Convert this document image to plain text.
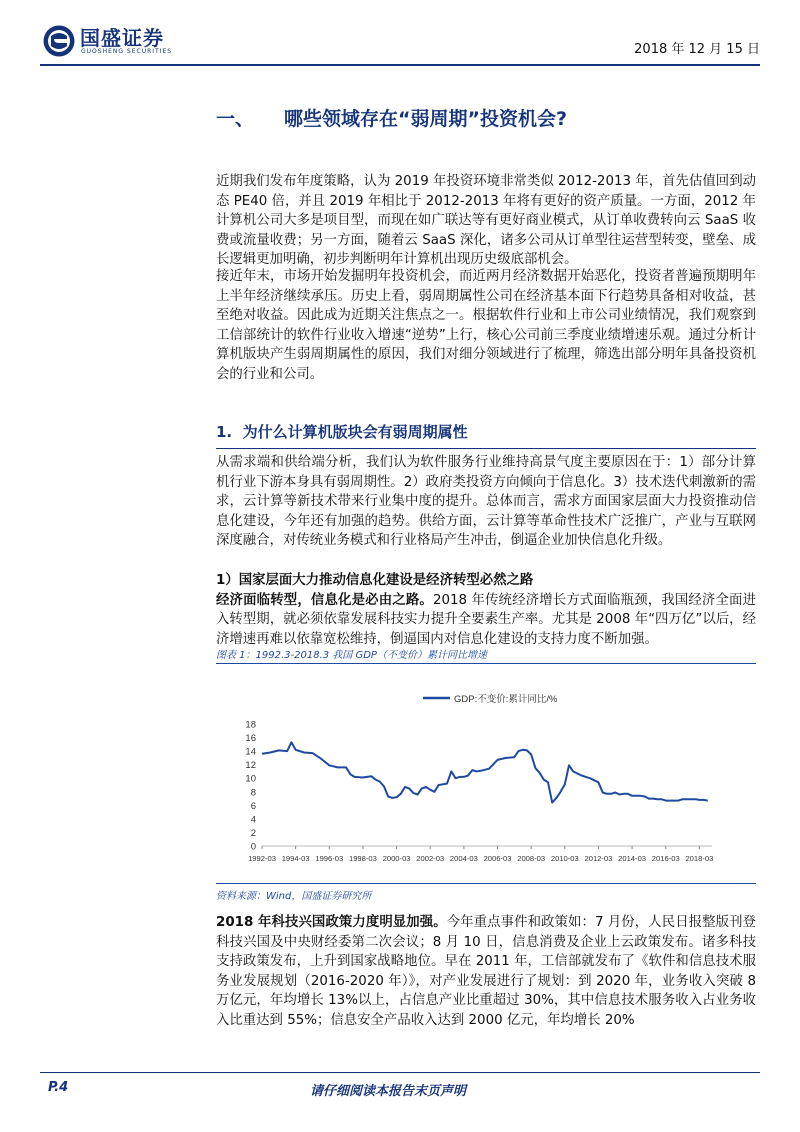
国盛证券
GUOSHENG SECURITIES	2018 年 12 月 15 日
一、 哪些领域存在“弱周期”投资机会?
近期我们发布年度策略，认为 2019 年投资环境非常类似 2012-2013 年，首先估值回到动态 PE40 倍，并且 2019 年相比于 2012-2013 年将有更好的资产质量。一方面，2012 年计算机公司大多是项目型，而现在如广联达等有更好商业模式，从订单收费转向云 SaaS 收费或流量收费；另一方面，随着云 SaaS 深化，诸多公司从订单型往运营型转变，壁垒、成长逻辑更加明确，初步判断明年计算机出现历史级底部机会。
接近年末，市场开始发掘明年投资机会，而近两月经济数据开始恶化，投资者普遍预期明年上半年经济继续承压。历史上看，弱周期属性公司在经济基本面下行趋势具备相对收益，甚至绝对收益。因此成为近期关注焦点之一。根据软件行业和上市公司业绩情况，我们观察到工信部统计的软件行业收入增速“逆势”上行，核心公司前三季度业绩增速乐观。通过分析计算机版块产生弱周期属性的原因，我们对细分领域进行了梳理，筛选出部分明年具备投资机会的行业和公司。
1. 为什么计算机版块会有弱周期属性
从需求端和供给端分析，我们认为软件服务行业维持高景气度主要原因在于：1）部分计算机行业下游本身具有弱周期性。2）政府类投资方向倾向于信息化。3）技术迭代刺激新的需求，云计算等新技术带来行业集中度的提升。总体而言，需求方面国家层面大力投资推动信息化建设，今年还有加强的趋势。供给方面，云计算等革命性技术广泛推广，产业与互联网深度融合，对传统业务模式和行业格局产生冲击，倒逼企业加快信息化升级。
1）国家层面大力推动信息化建设是经济转型必然之路
经济面临转型，信息化是必由之路。2018 年传统经济增长方式面临瓶颈，我国经济全面进入转型期，就必须依靠发展科技实力提升全要素生产率。尤其是 2008 年“四万亿”以后，经济增速再难以依靠宽松维持，倒逼国内对信息化建设的支持力度不断加强。
图表 1：1992.3-2018.3 我国 GDP（不变价）累计同比增速
GDP:不变价:累计同比/%
0
2
4
6
8
10
12
14
16
18
1992-03 1994-03 1996-03 1998-03 2000-03 2002-03 2004-03 2006-03 2008-03 2010-03 2012-03 2014-03 2016-03 2018-03
资料来源：Wind，国盛证券研究所
2018 年科技兴国政策力度明显加强。今年重点事件和政策如：7 月份，人民日报整版刊登科技兴国及中央财经委第二次会议；8 月 10 日，信息消费及企业上云政策发布。诸多科技支持政策发布，上升到国家战略地位。早在 2011 年，工信部就发布了《软件和信息技术服务业发展规划（2016-2020 年）》，对产业发展进行了规划：到 2020 年，业务收入突破 8 万亿元，年均增长 13%以上，占信息产业比重超过 30%，其中信息技术服务收入占业务收入比重达到 55%；信息安全产品收入达到 2000 亿元，年均增长 20%
P.4	请仔细阅读本报告末页声明
